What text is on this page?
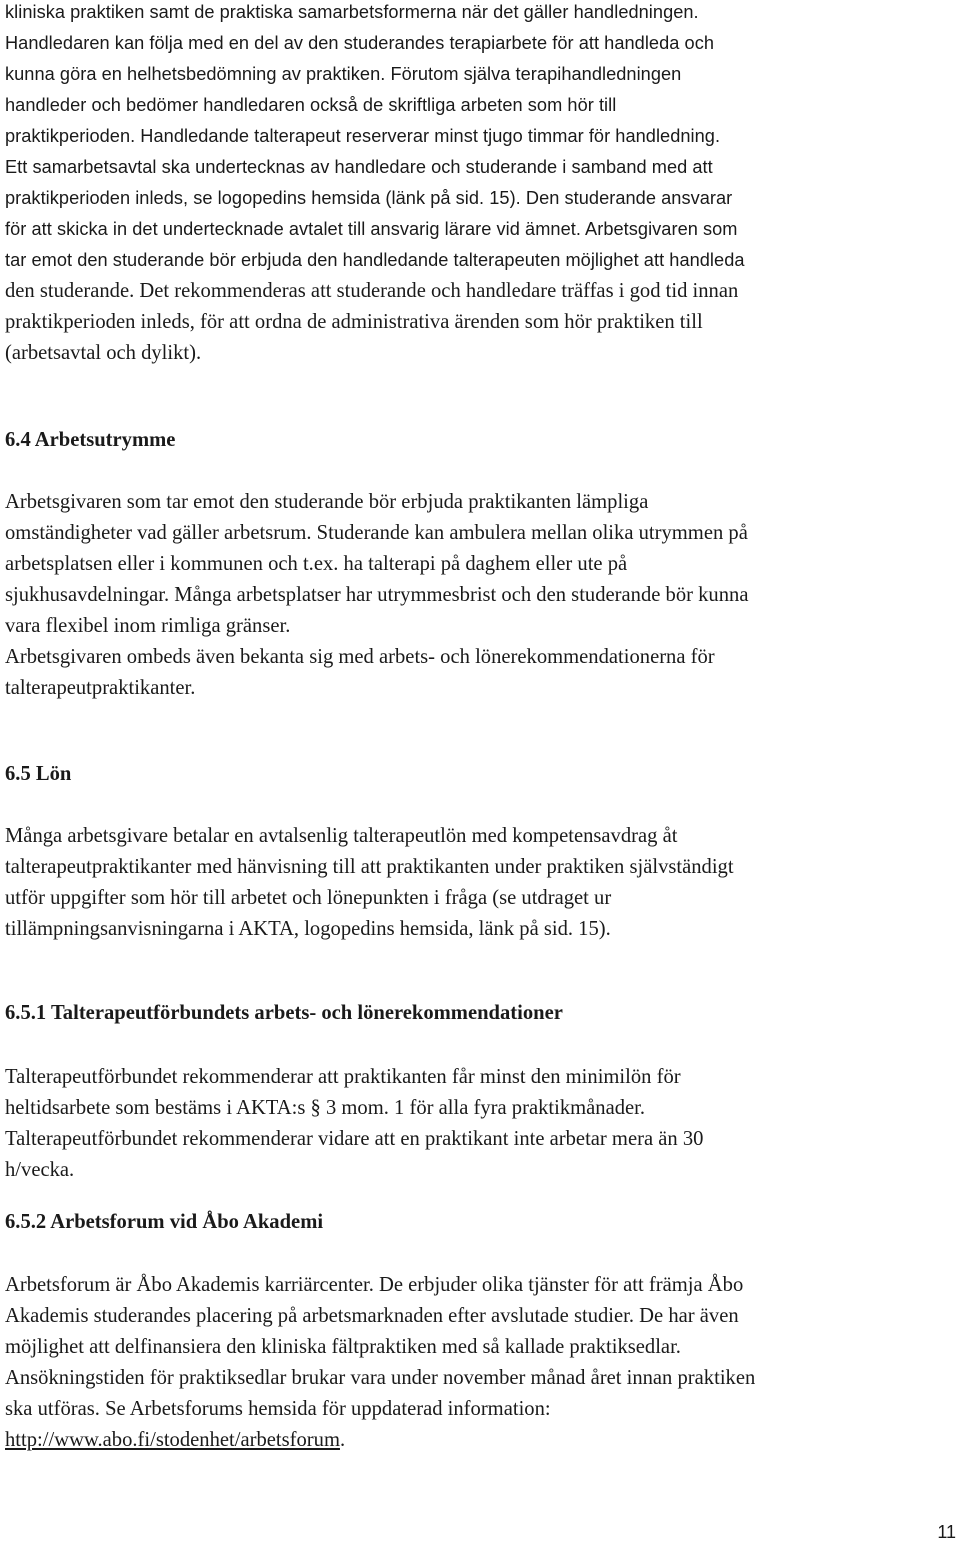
kliniska praktiken samt de praktiska samarbetsformerna när det gäller handledningen.
Handledaren kan följa med en del av den studerandes terapiarbete för att handleda och
kunna göra en helhetsbedömning av praktiken. Förutom själva terapihandledningen
handleder och bedömer handledaren också de skriftliga arbeten som hör till
praktikperioden. Handledande talterapeut reserverar minst tjugo timmar för handledning.
Ett samarbetsavtal ska undertecknas av handledare och studerande i samband med att
praktikperioden inleds, se logopedins hemsida (länk på sid. 15). Den studerande ansvarar
för att skicka in det undertecknade avtalet till ansvarig lärare vid ämnet. Arbetsgivaren som
tar emot den studerande bör erbjuda den handledande talterapeuten möjlighet att handleda
den studerande. Det rekommenderas att studerande och handledare träffas i god tid innan
praktikperioden inleds, för att ordna de administrativa ärenden som hör praktiken till
(arbetsavtal och dylikt).
6.4 Arbetsutrymme
Arbetsgivaren som tar emot den studerande bör erbjuda praktikanten lämpliga
omständigheter vad gäller arbetsrum. Studerande kan ambulera mellan olika utrymmen på
arbetsplatsen eller i kommunen och t.ex. ha talterapi på daghem eller ute på
sjukhusavdelningar. Många arbetsplatser har utrymmesbrist och den studerande bör kunna
vara flexibel inom rimliga gränser.
Arbetsgivaren ombeds även bekanta sig med arbets- och lönerekommendationerna för
talterapeutpraktikanter.
6.5 Lön
Många arbetsgivare betalar en avtalsenlig talterapeutlön med kompetensavdrag åt
talterapeutpraktikanter med hänvisning till att praktikanten under praktiken självständigt
utför uppgifter som hör till arbetet och lönepunkten i fråga (se utdraget ur
tillämpningsanvisningarna i AKTA, logopedins hemsida, länk på sid. 15).
6.5.1 Talterapeutförbundets arbets- och lönerekommendationer
Talterapeutförbundet rekommenderar att praktikanten får minst den minimilön för
heltidsarbete som bestäms i AKTA:s § 3 mom. 1 för alla fyra praktikmånader.
Talterapeutförbundet rekommenderar vidare att en praktikant inte arbetar mera än 30
h/vecka.
6.5.2 Arbetsforum vid Åbo Akademi
Arbetsforum är Åbo Akademis karriärcenter. De erbjuder olika tjänster för att främja Åbo
Akademis studerandes placering på arbetsmarknaden efter avslutade studier. De har även
möjlighet att delfinansiera den kliniska fältpraktiken med så kallade praktiksedlar.
Ansökningstiden för praktiksedlar brukar vara under november månad året innan praktiken
ska utföras. Se Arbetsforums hemsida för uppdaterad information:
http://www.abo.fi/stodenhet/arbetsforum.
11
